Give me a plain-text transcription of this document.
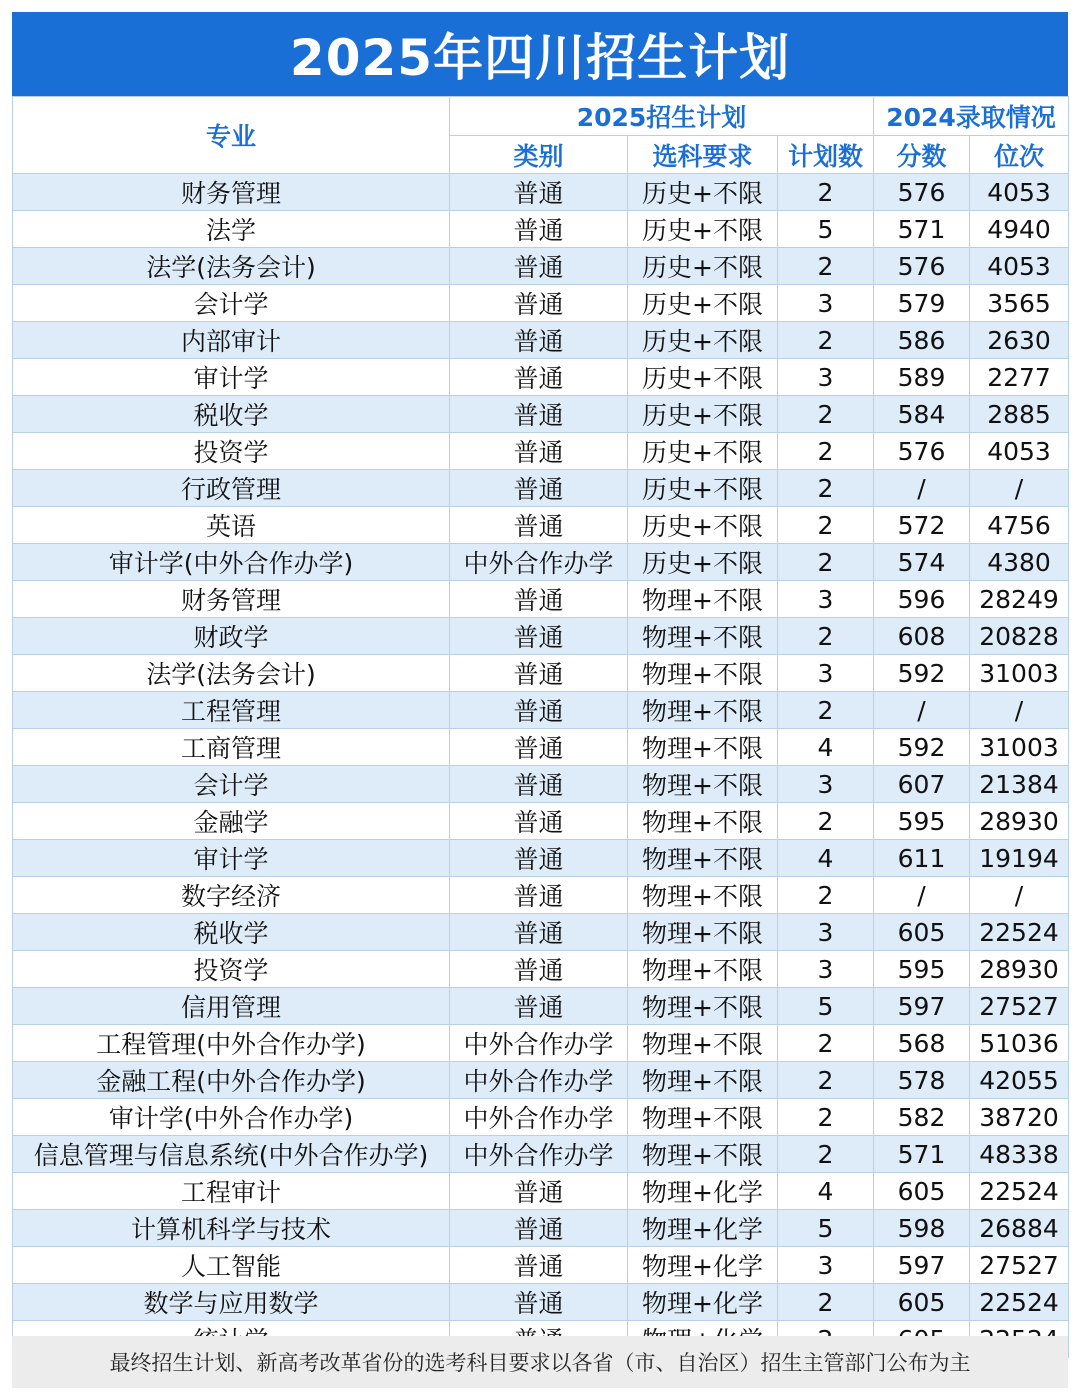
2025年四川招生计划
专业	2025招生计划			2024录取情况	
	类别	选科要求	计划数	分数	位次
财务管理	普通	历史+不限	2	576	4053
法学	普通	历史+不限	5	571	4940
法学(法务会计)	普通	历史+不限	2	576	4053
会计学	普通	历史+不限	3	579	3565
内部审计	普通	历史+不限	2	586	2630
审计学	普通	历史+不限	3	589	2277
税收学	普通	历史+不限	2	584	2885
投资学	普通	历史+不限	2	576	4053
行政管理	普通	历史+不限	2	/	/
英语	普通	历史+不限	2	572	4756
审计学(中外合作办学)	中外合作办学	历史+不限	2	574	4380
财务管理	普通	物理+不限	3	596	28249
财政学	普通	物理+不限	2	608	20828
法学(法务会计)	普通	物理+不限	3	592	31003
工程管理	普通	物理+不限	2	/	/
工商管理	普通	物理+不限	4	592	31003
会计学	普通	物理+不限	3	607	21384
金融学	普通	物理+不限	2	595	28930
审计学	普通	物理+不限	4	611	19194
数字经济	普通	物理+不限	2	/	/
税收学	普通	物理+不限	3	605	22524
投资学	普通	物理+不限	3	595	28930
信用管理	普通	物理+不限	5	597	27527
工程管理(中外合作办学)	中外合作办学	物理+不限	2	568	51036
金融工程(中外合作办学)	中外合作办学	物理+不限	2	578	42055
审计学(中外合作办学)	中外合作办学	物理+不限	2	582	38720
信息管理与信息系统(中外合作办学)	中外合作办学	物理+不限	2	571	48338
工程审计	普通	物理+化学	4	605	22524
计算机科学与技术	普通	物理+化学	5	598	26884
人工智能	普通	物理+化学	3	597	27527
数学与应用数学	普通	物理+化学	2	605	22524

最终招生计划、新高考改革省份的选考科目要求以各省（市、自治区）招生主管部门公布为主
